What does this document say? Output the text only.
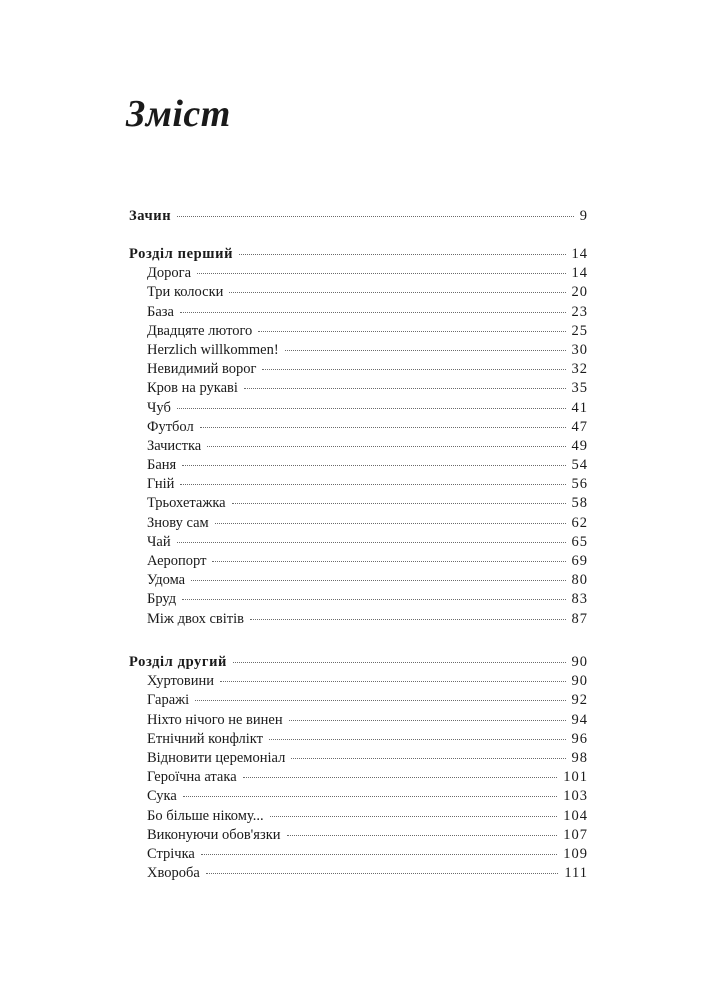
Зміст
Зачин	9
Розділ перший	14
Дорога	14
Три колоски	20
База	23
Двадцяте лютого	25
Herzlich willkommen!	30
Невидимий ворог	32
Кров на рукаві	35
Чуб	41
Футбол	47
Зачистка	49
Баня	54
Гній	56
Трьохетажка	58
Знову сам	62
Чай	65
Аеропорт	69
Удома	80
Бруд	83
Між двох світів	87
Розділ другий	90
Хуртовини	90
Гаражі	92
Ніхто нічого не винен	94
Етнічний конфлікт	96
Відновити церемоніал	98
Героїчна атака	101
Сука	103
Бо більше нікому...	104
Виконуючи обов'язки	107
Стрічка	109
Хвороба	111
